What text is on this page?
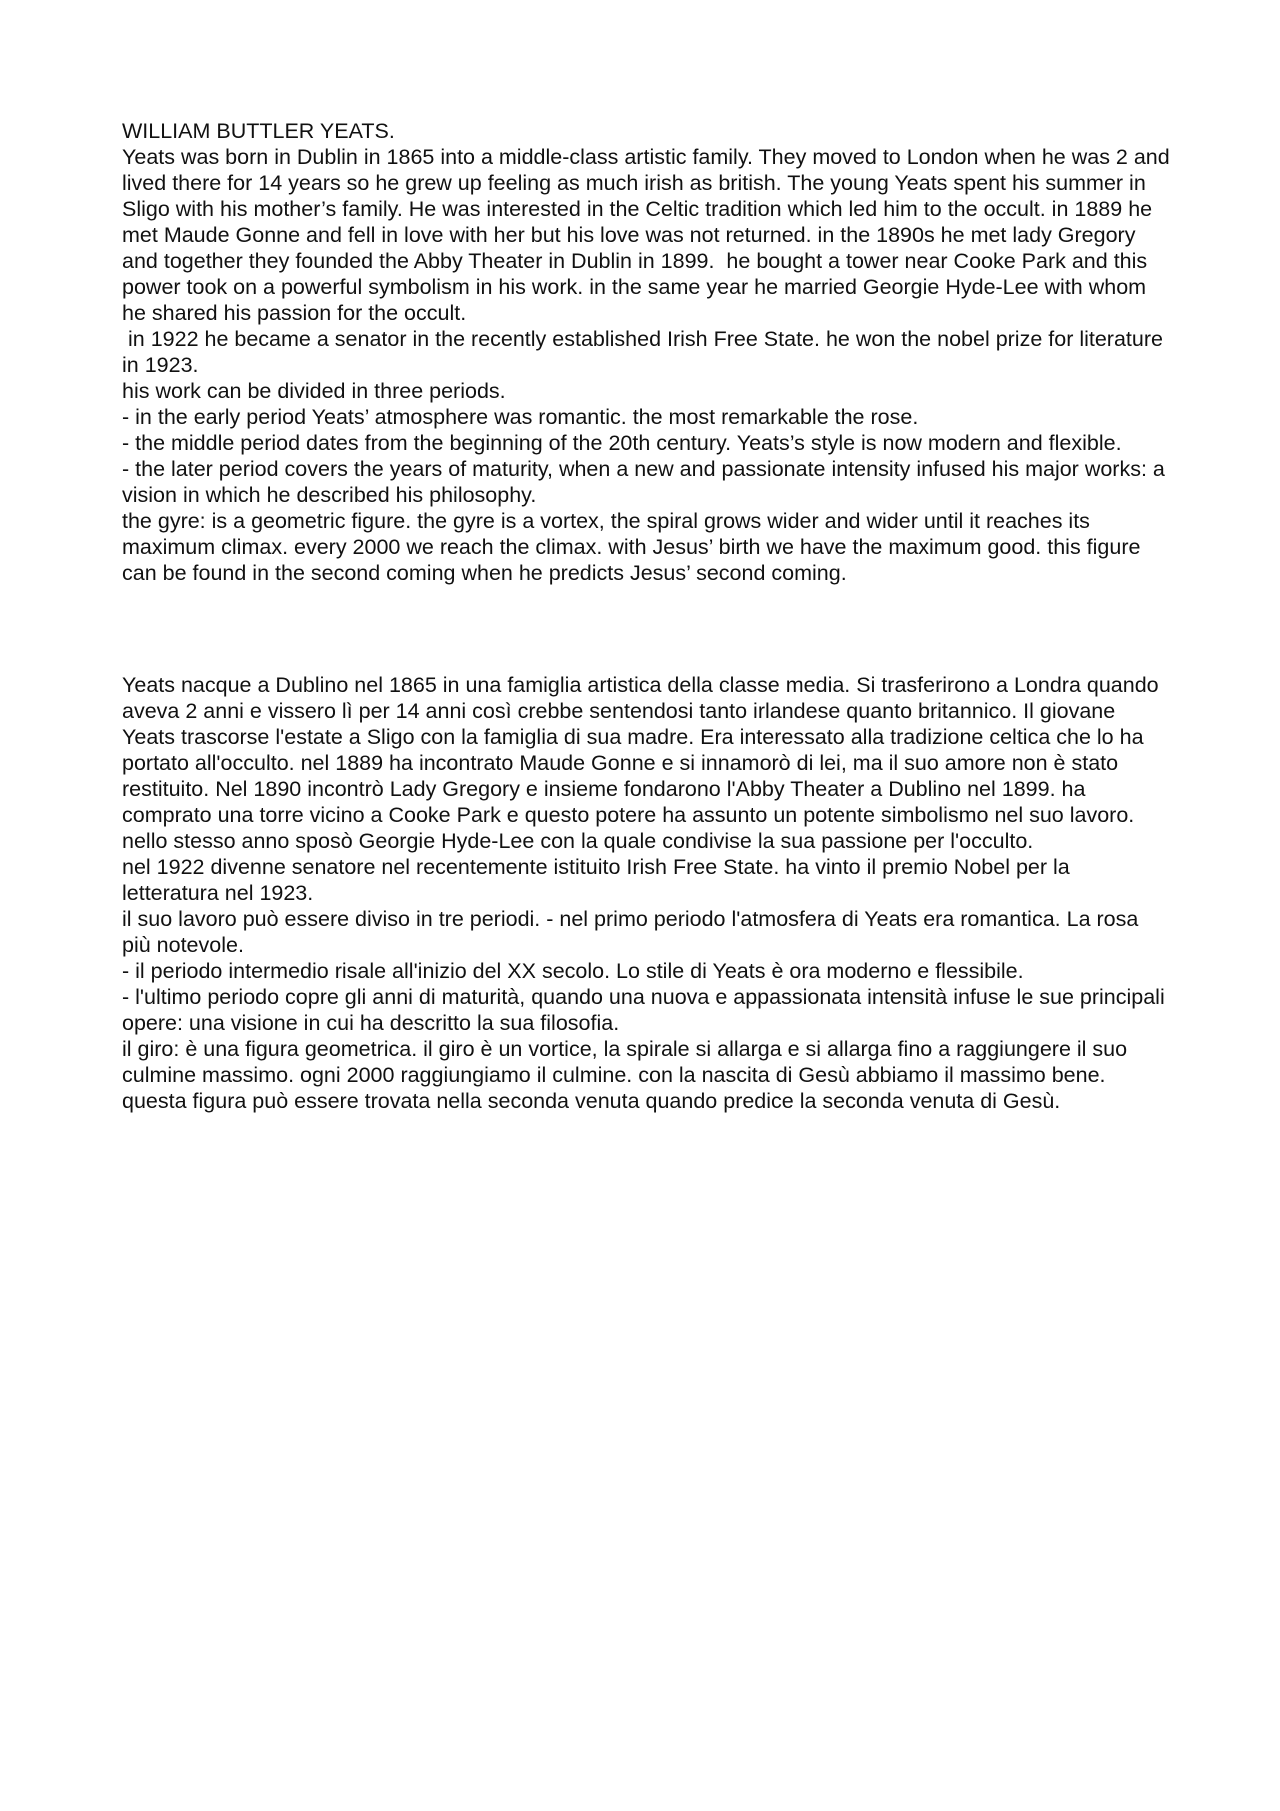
WILLIAM BUTTLER YEATS.

Yeats was born in Dublin in 1865 into a middle-class artistic family. They moved to London when he was 2 and lived there for 14 years so he grew up feeling as much irish as british. The young Yeats spent his summer in Sligo with his mother’s family. He was interested in the Celtic tradition which led him to the occult. in 1889 he met Maude Gonne and fell in love with her but his love was not returned. in the 1890s he met lady Gregory and together they founded the Abby Theater in Dublin in 1899.  he bought a tower near Cooke Park and this power took on a powerful symbolism in his work. in the same year he married Georgie Hyde-Lee with whom he shared his passion for the occult.

in 1922 he became a senator in the recently established Irish Free State. he won the nobel prize for literature in 1923.

his work can be divided in three periods.

- in the early period Yeats’ atmosphere was romantic. the most remarkable the rose.

- the middle period dates from the beginning of the 20th century. Yeats’s style is now modern and flexible.

- the later period covers the years of maturity, when a new and passionate intensity infused his major works: a vision in which he described his philosophy.

the gyre: is a geometric figure. the gyre is a vortex, the spiral grows wider and wider until it reaches its maximum climax. every 2000 we reach the climax. with Jesus’ birth we have the maximum good. this figure can be found in the second coming when he predicts Jesus’ second coming.

Yeats nacque a Dublino nel 1865 in una famiglia artistica della classe media. Si trasferirono a Londra quando aveva 2 anni e vissero lì per 14 anni così crebbe sentendosi tanto irlandese quanto britannico. Il giovane Yeats trascorse l'estate a Sligo con la famiglia di sua madre. Era interessato alla tradizione celtica che lo ha portato all'occulto. nel 1889 ha incontrato Maude Gonne e si innamorò di lei, ma il suo amore non è stato restituito. Nel 1890 incontrò Lady Gregory e insieme fondarono l'Abby Theater a Dublino nel 1899. ha comprato una torre vicino a Cooke Park e questo potere ha assunto un potente simbolismo nel suo lavoro. nello stesso anno sposò Georgie Hyde-Lee con la quale condivise la sua passione per l'occulto.

nel 1922 divenne senatore nel recentemente istituito Irish Free State. ha vinto il premio Nobel per la letteratura nel 1923.

il suo lavoro può essere diviso in tre periodi. - nel primo periodo l'atmosfera di Yeats era romantica. La rosa più notevole.

- il periodo intermedio risale all'inizio del XX secolo. Lo stile di Yeats è ora moderno e flessibile.

- l'ultimo periodo copre gli anni di maturità, quando una nuova e appassionata intensità infuse le sue principali opere: una visione in cui ha descritto la sua filosofia.

il giro: è una figura geometrica. il giro è un vortice, la spirale si allarga e si allarga fino a raggiungere il suo culmine massimo. ogni 2000 raggiungiamo il culmine. con la nascita di Gesù abbiamo il massimo bene. questa figura può essere trovata nella seconda venuta quando predice la seconda venuta di Gesù.
